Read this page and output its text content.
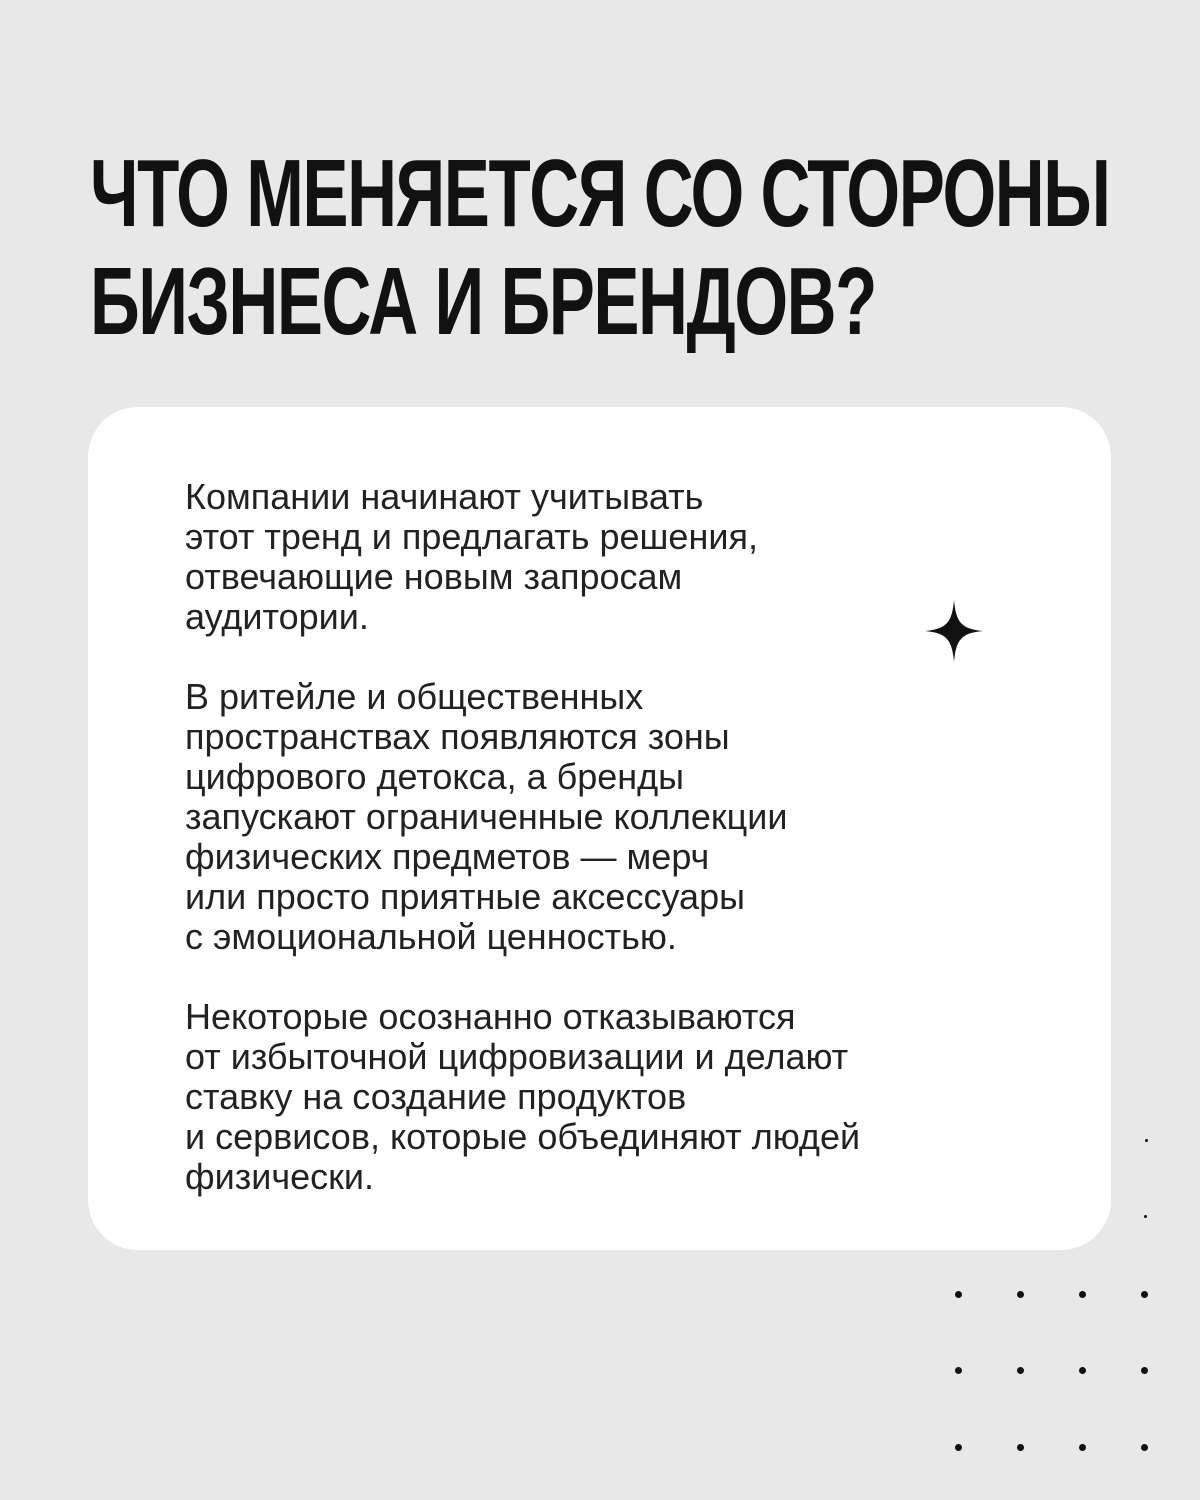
ЧТО МЕНЯЕТСЯ СО СТОРОНЫ
БИЗНЕСА И БРЕНДОВ?

Компании начинают учитывать
этот тренд и предлагать решения,
отвечающие новым запросам
аудитории.

В ритейле и общественных
пространствах появляются зоны
цифрового детокса, а бренды
запускают ограниченные коллекции
физических предметов — мерч
или просто приятные аксессуары
с эмоциональной ценностью.

Некоторые осознанно отказываются
от избыточной цифровизации и делают
ставку на создание продуктов
и сервисов, которые объединяют людей
физически.
